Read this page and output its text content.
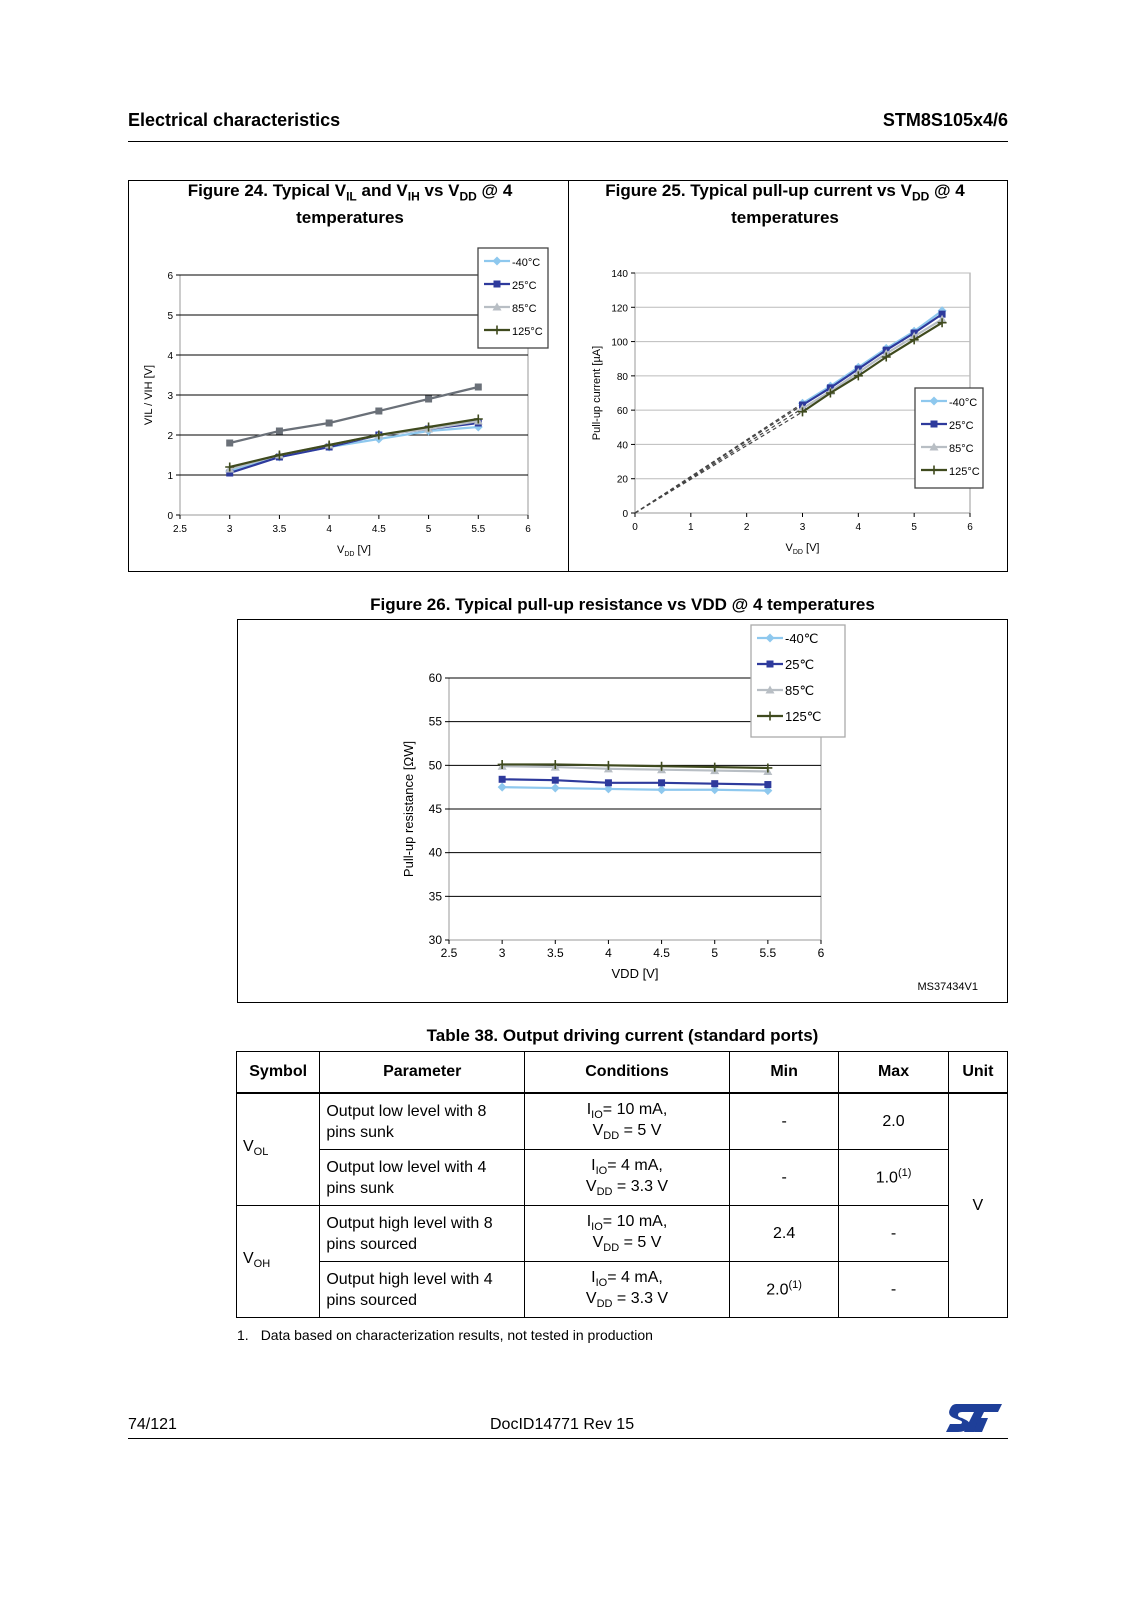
Electrical characteristics	STM8S105x4/6
Figure 24. Typical $V_{IL}$ and $V_{IH}$ vs $V_{DD}$ @ 4
temperatures
Figure 25. Typical pull-up current vs $V_{DD}$ @ 4
temperatures
0
1
2
3
4
5
6
2.5	3	3.5	4	4.5	5	5.5	6
$V_{DD}$ [V]
VIL / VIH [V]
-40°C
25°C
85°C
125°C
0
20
40
60
80
100
120
140
0	1	2	3	4	5	6
$V_{DD}$ [V]
Pull-up current [µA]	-40°C
25°C
85°C
125°C
Figure 26. Typical pull-up resistance vs VDD @ 4 temperatures
30
35
40
45
50
55
60
2.5	3	3.5	4	4.5	5	5.5	6
VDD [V]
Pull-up resistance [ΩW]
-40℃
25℃
85℃
125℃
MS37434V1
Table 38. Output driving current (standard ports)
Symbol	Parameter	Conditions	Min	Max	Unit
$V_{OL}$	Output low level with 8 pins sunk	$I_{IO}= 10$ mA,
$V_{DD} = 5$ V	-	2.0	V
	Output low level with 4 pins sunk	$I_{IO}= 4$ mA,
$V_{DD} = 3.3$ V	-	1.0$^{(1)}$
$V_{OH}$	Output high level with 8 pins sourced	$I_{IO}= 10$ mA,
$V_{DD} = 5$ V	2.4	-	
	Output high level with 4 pins sourced	$I_{IO}= 4$ mA,
$V_{DD} = 3.3$ V	2.0$^{(1)}$	-	
1. Data based on characterization results, not tested in production
74/121	DocID14771 Rev 15
